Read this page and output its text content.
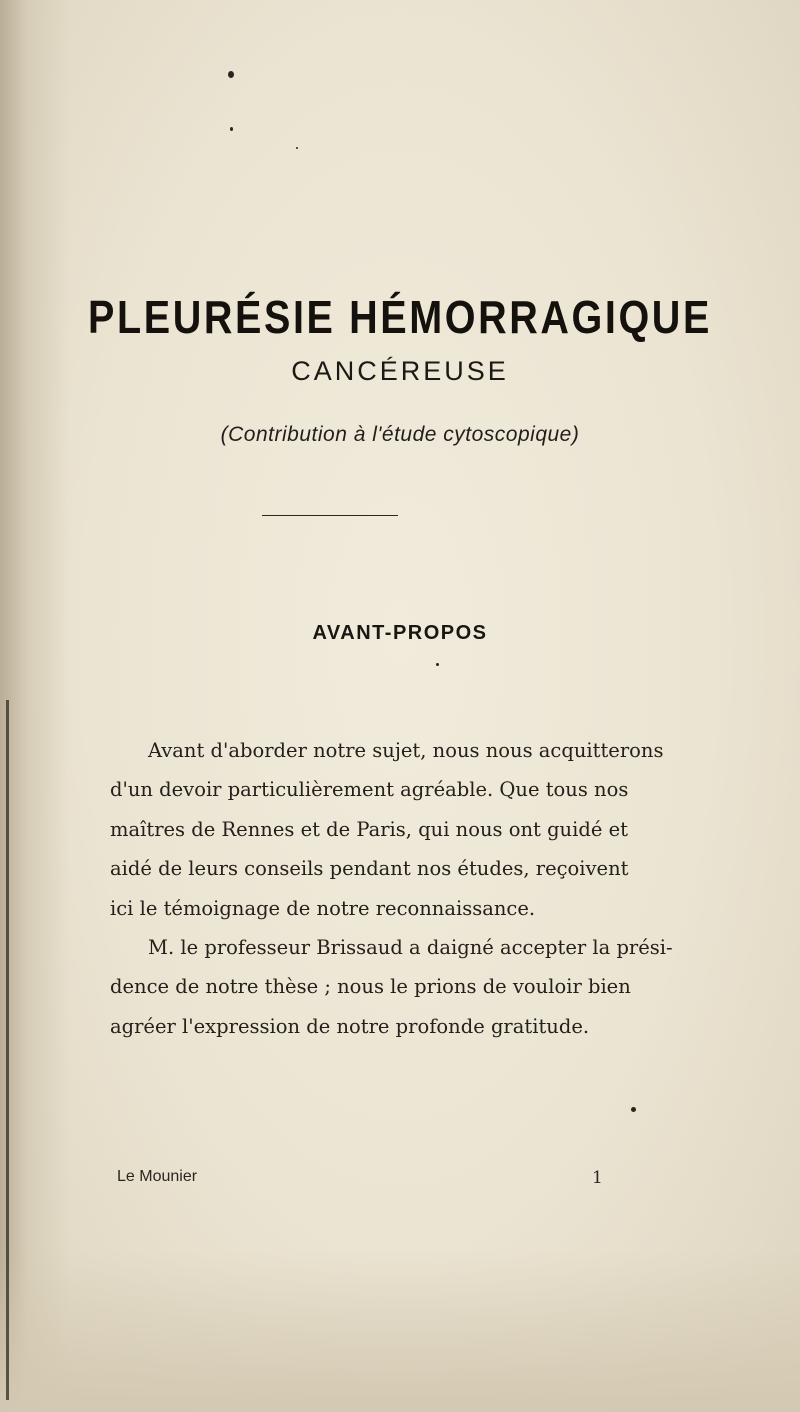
PLEURÉSIE HÉMORRAGIQUE
CANCÉREUSE
(Contribution à l'étude cytoscopique)
AVANT-PROPOS
Avant d'aborder notre sujet, nous nous acquitterons
d'un devoir particulièrement agréable. Que tous nos
maîtres de Rennes et de Paris, qui nous ont guidé et
aidé de leurs conseils pendant nos études, reçoivent
ici le témoignage de notre reconnaissance.
M. le professeur Brissaud a daigné accepter la prési-
dence de notre thèse ; nous le prions de vouloir bien
agréer l'expression de notre profonde gratitude.
Le Mounier	1
